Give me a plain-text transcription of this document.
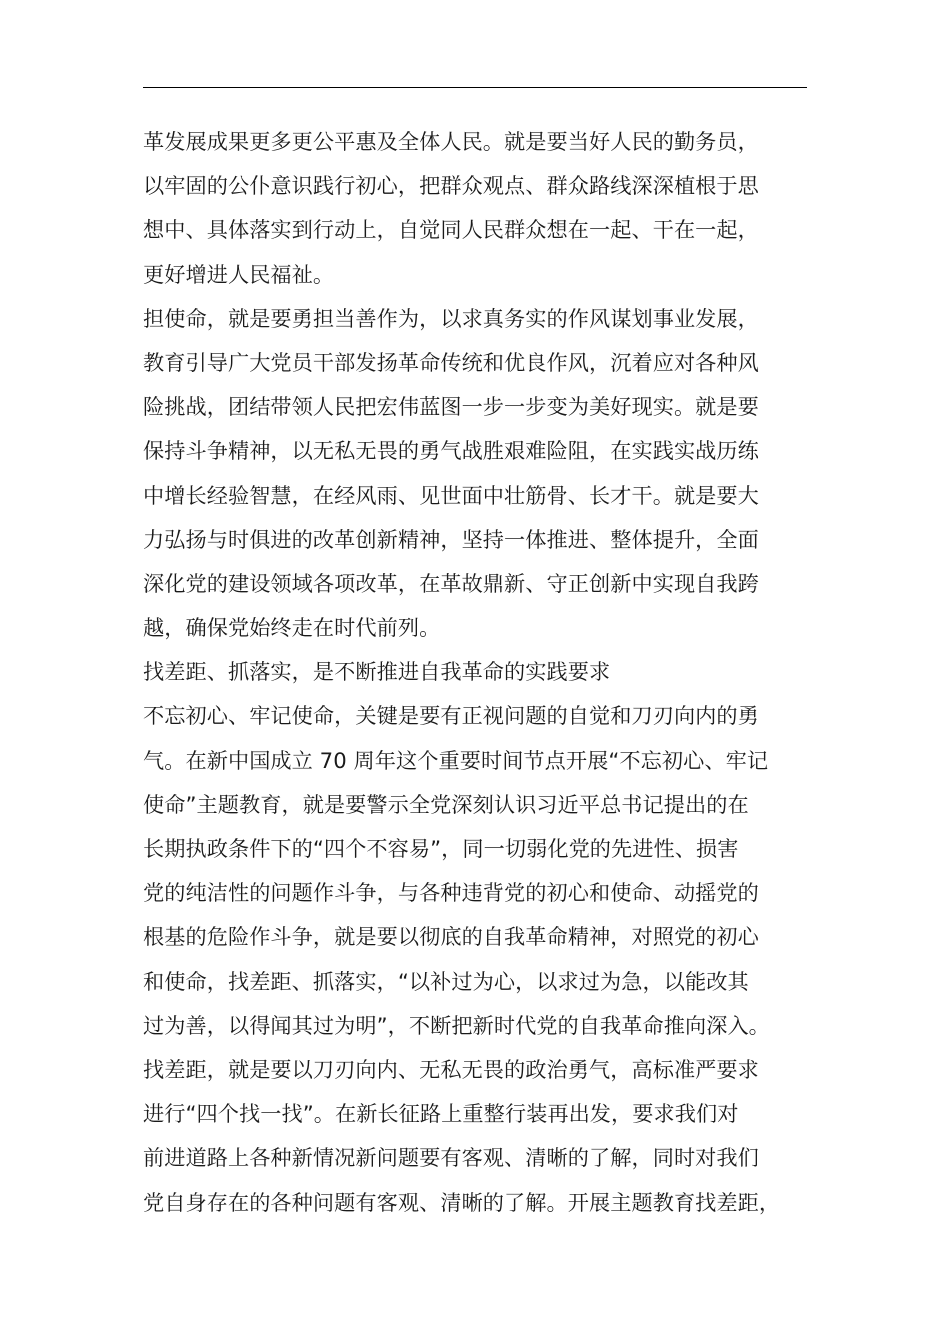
革发展成果更多更公平惠及全体人民。就是要当好人民的勤务员，
以牢固的公仆意识践行初心，把群众观点、群众路线深深植根于思
想中、具体落实到行动上，自觉同人民群众想在一起、干在一起，
更好增进人民福祉。
担使命，就是要勇担当善作为，以求真务实的作风谋划事业发展，
教育引导广大党员干部发扬革命传统和优良作风，沉着应对各种风
险挑战，团结带领人民把宏伟蓝图一步一步变为美好现实。就是要
保持斗争精神，以无私无畏的勇气战胜艰难险阻，在实践实战历练
中增长经验智慧，在经风雨、见世面中壮筋骨、长才干。就是要大
力弘扬与时俱进的改革创新精神，坚持一体推进、整体提升，全面
深化党的建设领域各项改革，在革故鼎新、守正创新中实现自我跨
越，确保党始终走在时代前列。
找差距、抓落实，是不断推进自我革命的实践要求
不忘初心、牢记使命，关键是要有正视问题的自觉和刀刃向内的勇
气。在新中国成立 70 周年这个重要时间节点开展“不忘初心、牢记
使命”主题教育，就是要警示全党深刻认识习近平总书记提出的在
长期执政条件下的“四个不容易”，同一切弱化党的先进性、损害
党的纯洁性的问题作斗争，与各种违背党的初心和使命、动摇党的
根基的危险作斗争，就是要以彻底的自我革命精神，对照党的初心
和使命，找差距、抓落实，“以补过为心，以求过为急，以能改其
过为善，以得闻其过为明”，不断把新时代党的自我革命推向深入。
找差距，就是要以刀刃向内、无私无畏的政治勇气，高标准严要求
进行“四个找一找”。在新长征路上重整行装再出发，要求我们对
前进道路上各种新情况新问题要有客观、清晰的了解，同时对我们
党自身存在的各种问题有客观、清晰的了解。开展主题教育找差距，
